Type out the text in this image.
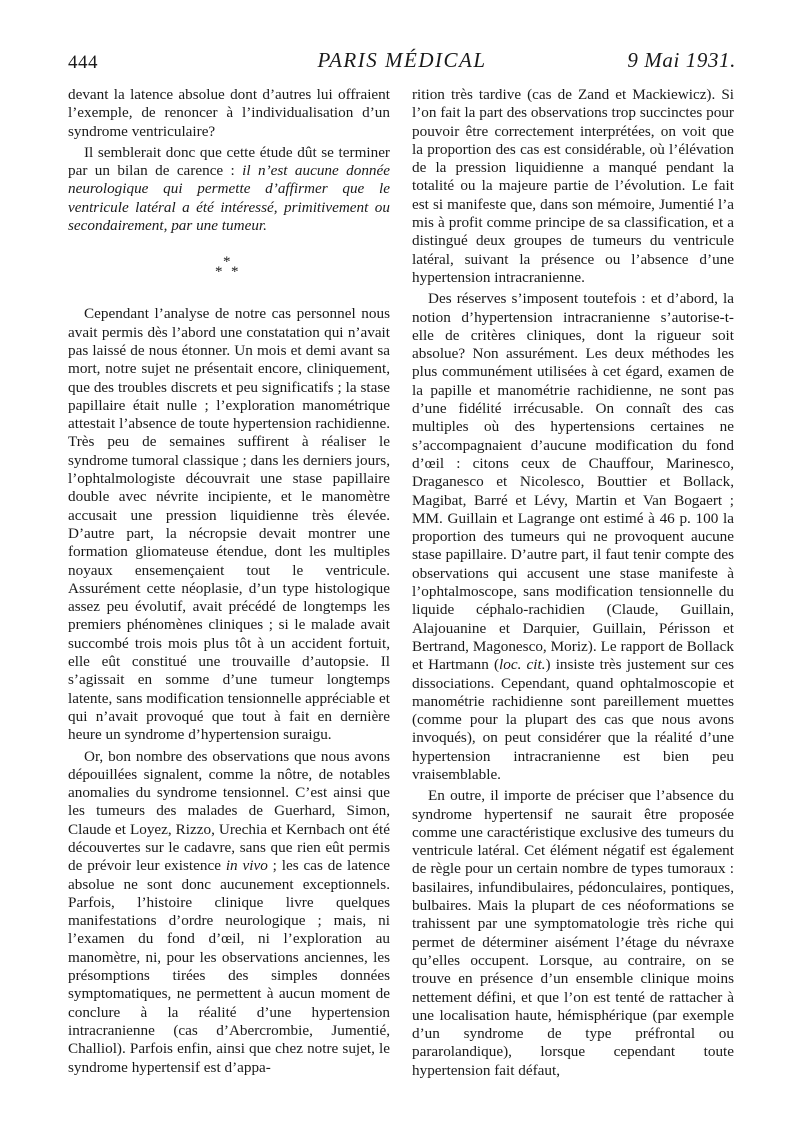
444	PARIS MÉDICAL	9 Mai 1931.

devant la latence absolue dont d’autres lui offraient l’exemple, de renoncer à l’individualisation d’un syndrome ventriculaire?

Il semblerait donc que cette étude dût se terminer par un bilan de carence : il n’est aucune donnée neurologique qui permette d’affirmer que le ventricule latéral a été intéressé, primitivement ou secondairement, par une tumeur.

*
* *

Cependant l’analyse de notre cas personnel nous avait permis dès l’abord une constatation qui n’avait pas laissé de nous étonner. Un mois et demi avant sa mort, notre sujet ne présentait encore, cliniquement, que des troubles discrets et peu significatifs ; la stase papillaire était nulle ; l’exploration manométrique attestait l’absence de toute hypertension rachidienne. Très peu de semaines suffirent à réaliser le syndrome tumoral classique ; dans les derniers jours, l’ophtalmologiste découvrait une stase papillaire double avec névrite incipiente, et le manomètre accusait une pression liquidienne très élevée. D’autre part, la nécropsie devait montrer une formation gliomateuse étendue, dont les multiples noyaux ensemençaient tout le ventricule. Assurément cette néoplasie, d’un type histologique assez peu évolutif, avait précédé de longtemps les premiers phénomènes cliniques ; si le malade avait succombé trois mois plus tôt à un accident fortuit, elle eût constitué une trouvaille d’autopsie. Il s’agissait en somme d’une tumeur longtemps latente, sans modification tensionnelle appréciable et qui n’avait provoqué que tout à fait en dernière heure un syndrome d’hypertension suraigu.

Or, bon nombre des observations que nous avons dépouillées signalent, comme la nôtre, de notables anomalies du syndrome tensionnel. C’est ainsi que les tumeurs des malades de Guerhard, Simon, Claude et Loyez, Rizzo, Urechia et Kernbach ont été découvertes sur le cadavre, sans que rien eût permis de prévoir leur existence in vivo ; les cas de latence absolue ne sont donc aucunement exceptionnels. Parfois, l’histoire clinique livre quelques manifestations d’ordre neurologique ; mais, ni l’examen du fond d’œil, ni l’exploration au manomètre, ni, pour les observations anciennes, les présomptions tirées des simples données symptomatiques, ne permettent à aucun moment de conclure à la réalité d’une hypertension intracranienne (cas d’Abercrombie, Jumentié, Challiol). Parfois enfin, ainsi que chez notre sujet, le syndrome hypertensif est d’appa-

rition très tardive (cas de Zand et Mackiewicz). Si l’on fait la part des observations trop succinctes pour pouvoir être correctement interprétées, on voit que la proportion des cas est considérable, où l’élévation de la pression liquidienne a manqué pendant la totalité ou la majeure partie de l’évolution. Le fait est si manifeste que, dans son mémoire, Jumentié l’a mis à profit comme principe de sa classification, et a distingué deux groupes de tumeurs du ventricule latéral, suivant la présence ou l’absence d’une hypertension intracranienne.

Des réserves s’imposent toutefois : et d’abord, la notion d’hypertension intracranienne s’autorise-t-elle de critères cliniques, dont la rigueur soit absolue? Non assurément. Les deux méthodes les plus communément utilisées à cet égard, examen de la papille et manométrie rachidienne, ne sont pas d’une fidélité irrécusable. On connaît des cas multiples où des hypertensions certaines ne s’accompagnaient d’aucune modification du fond d’œil : citons ceux de Chauffour, Marinesco, Draganesco et Nicolesco, Bouttier et Bollack, Magibat, Barré et Lévy, Martin et Van Bogaert ; MM. Guillain et Lagrange ont estimé à 46 p. 100 la proportion des tumeurs qui ne provoquent aucune stase papillaire. D’autre part, il faut tenir compte des observations qui accusent une stase manifeste à l’ophtalmoscope, sans modification tensionnelle du liquide céphalo-rachidien (Claude, Guillain, Alajouanine et Darquier, Guillain, Périsson et Bertrand, Magonesco, Moriz). Le rapport de Bollack et Hartmann (loc. cit.) insiste très justement sur ces dissociations. Cependant, quand ophtalmoscopie et manométrie rachidienne sont pareillement muettes (comme pour la plupart des cas que nous avons invoqués), on peut considérer que la réalité d’une hypertension intracranienne est bien peu vraisemblable.

En outre, il importe de préciser que l’absence du syndrome hypertensif ne saurait être proposée comme une caractéristique exclusive des tumeurs du ventricule latéral. Cet élément négatif est également de règle pour un certain nombre de types tumoraux : basilaires, infundibulaires, pédonculaires, pontiques, bulbaires. Mais la plupart de ces néoformations se trahissent par une symptomatologie très riche qui permet de déterminer aisément l’étage du névraxe qu’elles occupent. Lorsque, au contraire, on se trouve en présence d’un ensemble clinique moins nettement défini, et que l’on est tenté de rattacher à une localisation haute, hémisphérique (par exemple d’un syndrome de type préfrontal ou pararolandique), lorsque cependant toute hypertension fait défaut,
